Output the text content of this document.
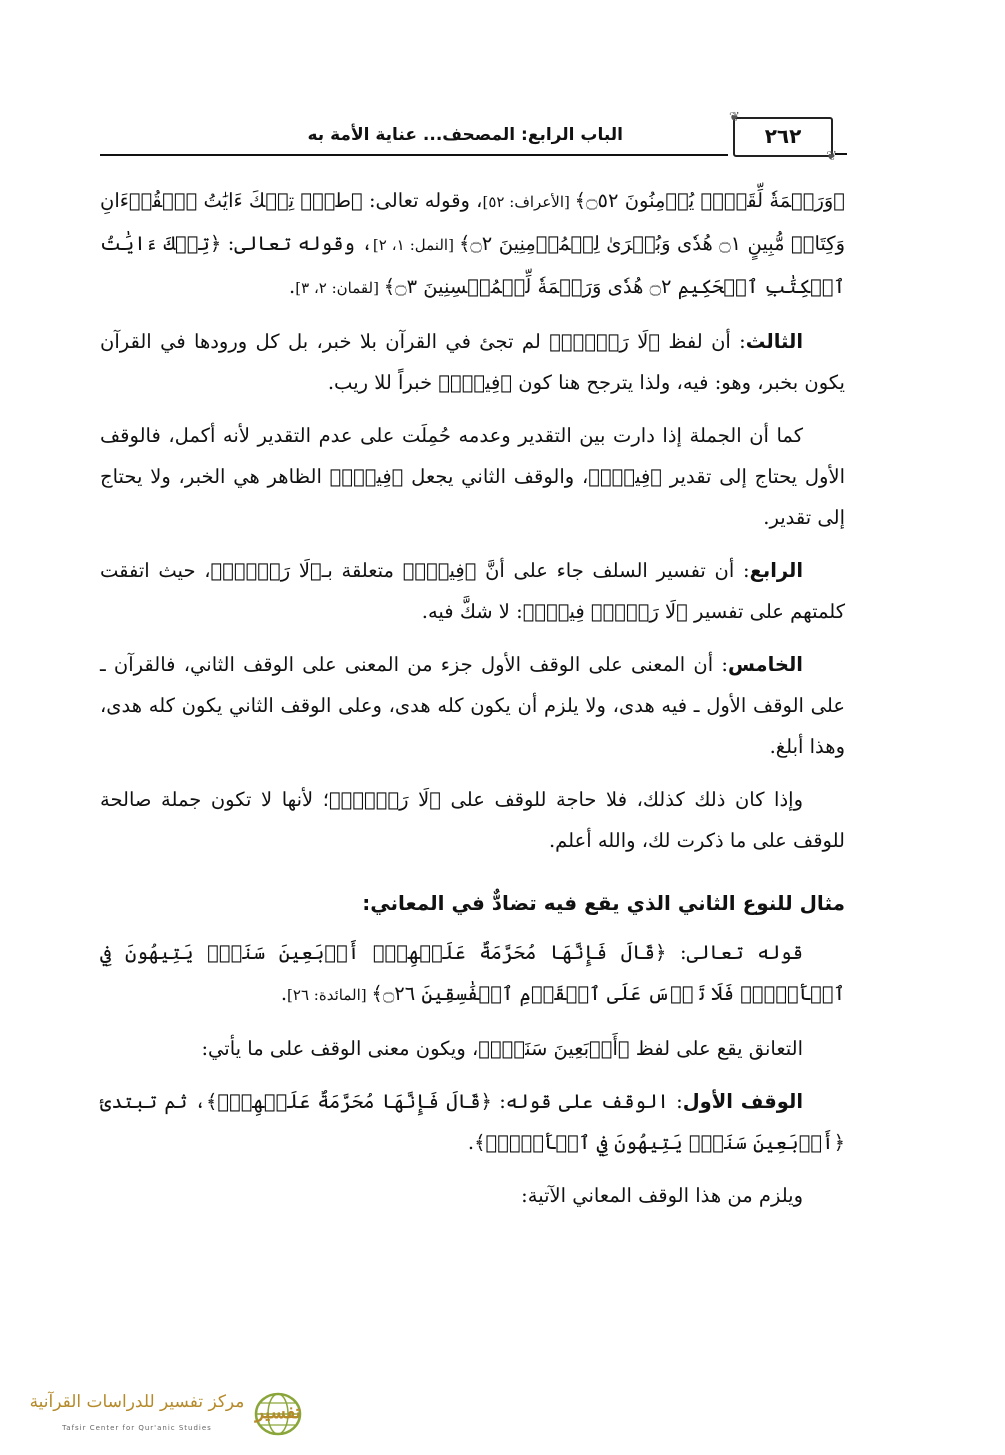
الباب الرابع: المصحف... عناية الأمة به
❦
❦
٢٦٢

﴿وَرَحۡمَةٗ لِّقَوۡمٖ يُؤۡمِنُونَ ۝٥٢﴾ [الأعراف: ٥٢]، وقوله تعالى: ﴿طسٓۚ تِلۡكَ ءَايَٰتُ ٱلۡقُرۡءَانِ وَكِتَابٖ مُّبِينٍ ۝١ هُدٗى وَبُشۡرَىٰ لِلۡمُؤۡمِنِينَ ۝٢﴾ [النمل: ١، ٢]، وقوله تعالى: ﴿تِلۡكَ ءَايَٰتُ ٱلۡكِتَٰبِ ٱلۡحَكِيمِ ۝٢ هُدٗى وَرَحۡمَةٗ لِّلۡمُحۡسِنِينَ ۝٣﴾ [لقمان: ٢، ٣].

الثالث: أن لفظ ﴿لَا رَيۡبَۛ﴾ لم تجئ في القرآن بلا خبر، بل كل ورودها في القرآن يكون بخبر، وهو: فيه، ولذا يترجح هنا كون ﴿فِيهِۛ﴾ خبراً للا ريب.

كما أن الجملة إذا دارت بين التقدير وعدمه حُمِلَت على عدم التقدير لأنه أكمل، فالوقف الأول يحتاج إلى تقدير ﴿فِيهِۛ﴾، والوقف الثاني يجعل ﴿فِيهِۛ﴾ الظاهر هي الخبر، ولا يحتاج إلى تقدير.

الرابع: أن تفسير السلف جاء على أنَّ ﴿فِيهِۛ﴾ متعلقة بـ﴿لَا رَيۡبَۛ﴾، حيث اتفقت كلمتهم على تفسير ﴿لَا رَيۡبَۛ فِيهِۛ﴾: لا شكَّ فيه.

الخامس: أن المعنى على الوقف الأول جزء من المعنى على الوقف الثاني، فالقرآن ـ على الوقف الأول ـ فيه هدى، ولا يلزم أن يكون كله هدى، وعلى الوقف الثاني يكون كله هدى، وهذا أبلغ.

وإذا كان ذلك كذلك، فلا حاجة للوقف على ﴿لَا رَيۡبَۛ﴾؛ لأنها لا تكون جملة صالحة للوقف على ما ذكرت لك، والله أعلم.

مثال للنوع الثاني الذي يقع فيه تضادٌّ في المعاني:

قوله تعالى: ﴿قَالَ فَإِنَّهَا مُحَرَّمَةٌ عَلَيۡهِمۡۛ أَرۡبَعِينَ سَنَةٗۛ يَتِيهُونَ فِي ٱلۡأَرۡضِۚ فَلَا تَأۡسَ عَلَى ٱلۡقَوۡمِ ٱلۡفَٰسِقِينَ ۝٢٦﴾ [المائدة: ٢٦].

التعانق يقع على لفظ ﴿أَرۡبَعِينَ سَنَةٗۛ﴾، ويكون معنى الوقف على ما يأتي:

الوقف الأول: الوقف على قوله: ﴿قَالَ فَإِنَّهَا مُحَرَّمَةٌ عَلَيۡهِمۡۛ﴾، ثم تبتدئ ﴿أَرۡبَعِينَ سَنَةٗۛ يَتِيهُونَ فِي ٱلۡأَرۡضِۚ﴾.

ويلزم من هذا الوقف المعاني الآتية:

تفسير
مركز تفسير للدراسات القرآنية
Tafsir Center for Qur'anic Studies
